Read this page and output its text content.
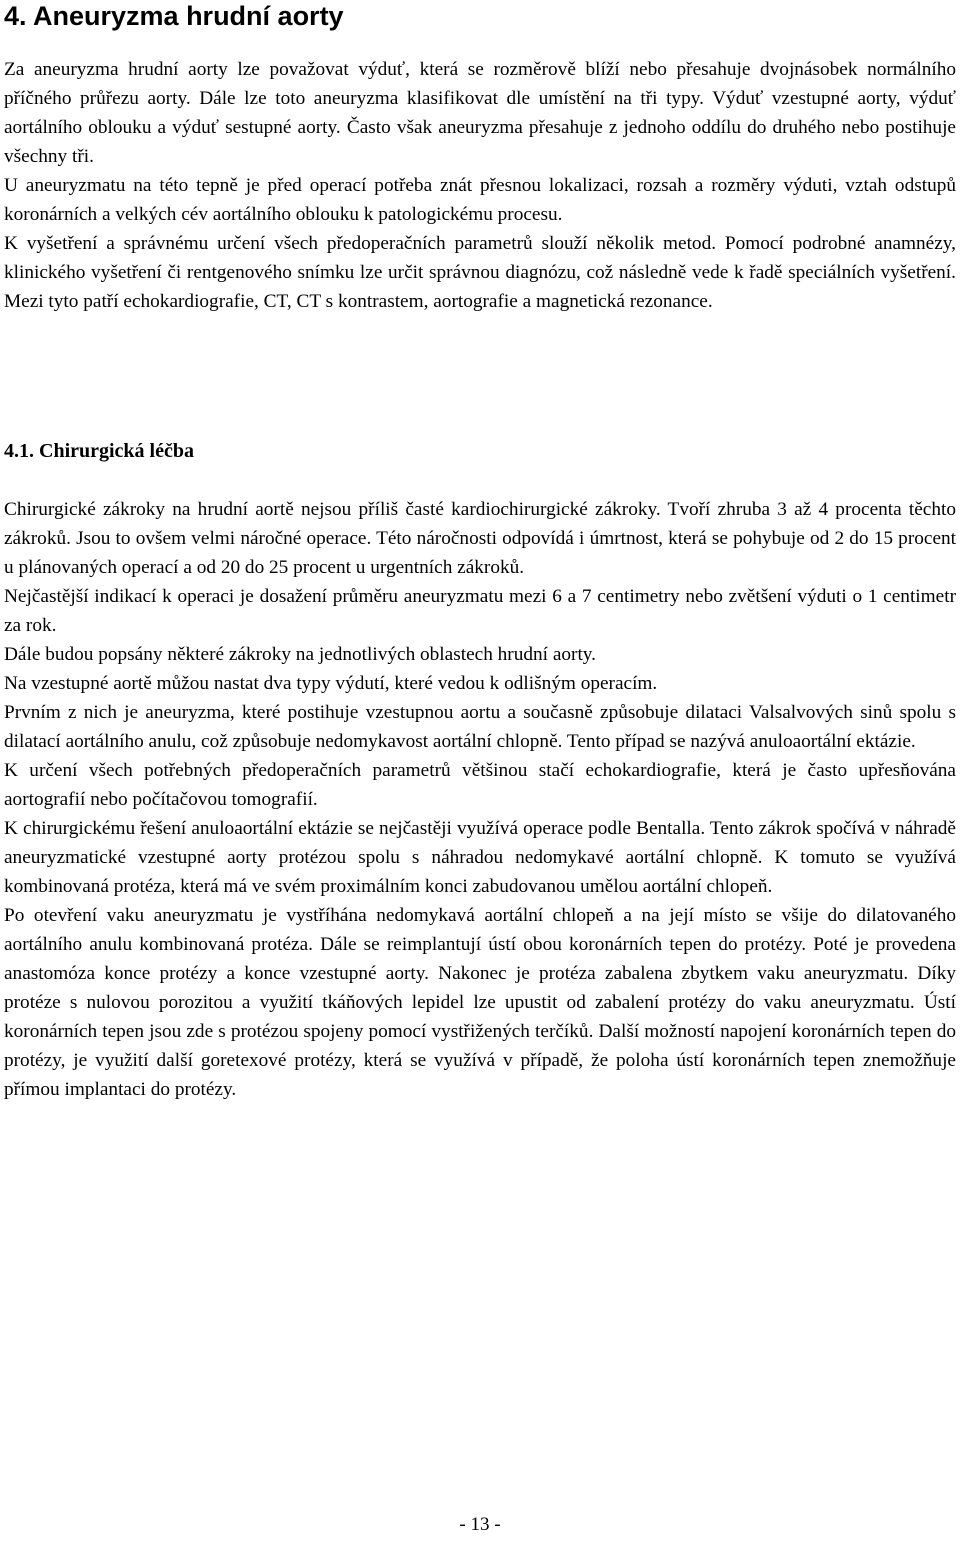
4. Aneuryzma hrudní aorty

Za aneuryzma hrudní aorty lze považovat výduť, která se rozměrově blíží nebo přesahuje dvojnásobek normálního příčného průřezu aorty. Dále lze toto aneuryzma klasifikovat dle umístění na tři typy. Výduť vzestupné aorty, výduť aortálního oblouku a výduť sestupné aorty. Často však aneuryzma přesahuje z jednoho oddílu do druhého nebo postihuje všechny tři.

U aneuryzmatu na této tepně je před operací potřeba znát přesnou lokalizaci, rozsah a rozměry výduti, vztah odstupů koronárních a velkých cév aortálního oblouku k patologickému procesu.

K vyšetření a správnému určení všech předoperačních parametrů slouží několik metod. Pomocí podrobné anamnézy, klinického vyšetření či rentgenového snímku lze určit správnou diagnózu, což následně vede k řadě speciálních vyšetření. Mezi tyto patří echokardiografie, CT, CT s kontrastem, aortografie a magnetická rezonance.

4.1. Chirurgická léčba

Chirurgické zákroky na hrudní aortě nejsou příliš časté kardiochirurgické zákroky. Tvoří zhruba 3 až 4 procenta těchto zákroků. Jsou to ovšem velmi náročné operace. Této náročnosti odpovídá i úmrtnost, která se pohybuje od 2 do 15 procent u plánovaných operací a od 20 do 25 procent u urgentních zákroků.

Nejčastější indikací k operaci je dosažení průměru aneuryzmatu mezi 6 a 7 centimetry nebo zvětšení výduti o 1 centimetr za rok.

Dále budou popsány některé zákroky na jednotlivých oblastech hrudní aorty.

Na vzestupné aortě můžou nastat dva typy výdutí, které vedou k odlišným operacím.

Prvním z nich je aneuryzma, které postihuje vzestupnou aortu a současně způsobuje dilataci Valsalvových sinů spolu s dilatací aortálního anulu, což způsobuje nedomykavost aortální chlopně. Tento případ se nazývá anuloaortální ektázie.

K určení všech potřebných předoperačních parametrů většinou stačí echokardiografie, která je často upřesňována aortografií nebo počítačovou tomografií.

K chirurgickému řešení anuloaortální ektázie se nejčastěji využívá operace podle Bentalla. Tento zákrok spočívá v náhradě aneuryzmatické vzestupné aorty protézou spolu s náhradou nedomykavé aortální chlopně. K tomuto se využívá kombinovaná protéza, která má ve svém proximálním konci zabudovanou umělou aortální chlopeň.

Po otevření vaku aneuryzmatu je vystříhána nedomykavá aortální chlopeň a na její místo se všije do dilatovaného aortálního anulu kombinovaná protéza. Dále se reimplantují ústí obou koronárních tepen do protézy. Poté je provedena anastomóza konce protézy a konce vzestupné aorty. Nakonec je protéza zabalena zbytkem vaku aneuryzmatu. Díky protéze s nulovou porozitou a využití tkáňových lepidel lze upustit od zabalení protézy do vaku aneuryzmatu. Ústí koronárních tepen jsou zde s protézou spojeny pomocí vystřižených terčíků. Další možností napojení koronárních tepen do protézy, je využití další goretexové protézy, která se využívá v případě, že poloha ústí koronárních tepen znemožňuje přímou implantaci do protézy.

- 13 -
